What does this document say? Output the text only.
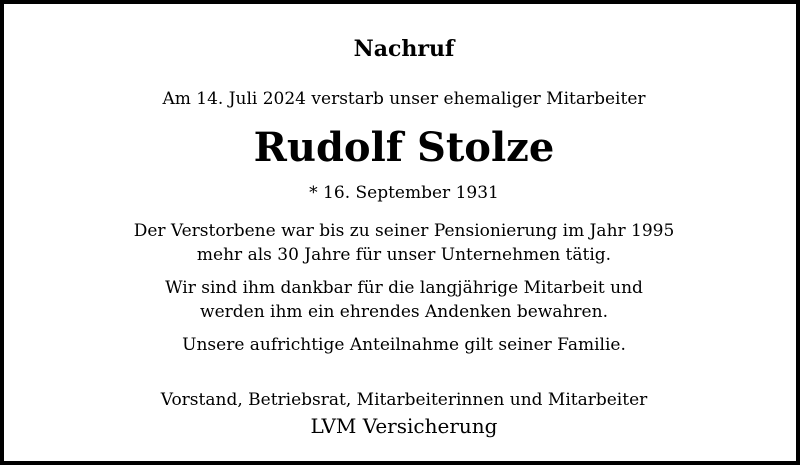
Nachruf
Am 14. Juli 2024 verstarb unser ehemaliger Mitarbeiter
Rudolf Stolze
* 16. September 1931
Der Verstorbene war bis zu seiner Pensionierung im Jahr 1995
mehr als 30 Jahre für unser Unternehmen tätig.
Wir sind ihm dankbar für die langjährige Mitarbeit und
werden ihm ein ehrendes Andenken bewahren.
Unsere aufrichtige Anteilnahme gilt seiner Familie.
Vorstand, Betriebsrat, Mitarbeiterinnen und Mitarbeiter
LVM Versicherung
